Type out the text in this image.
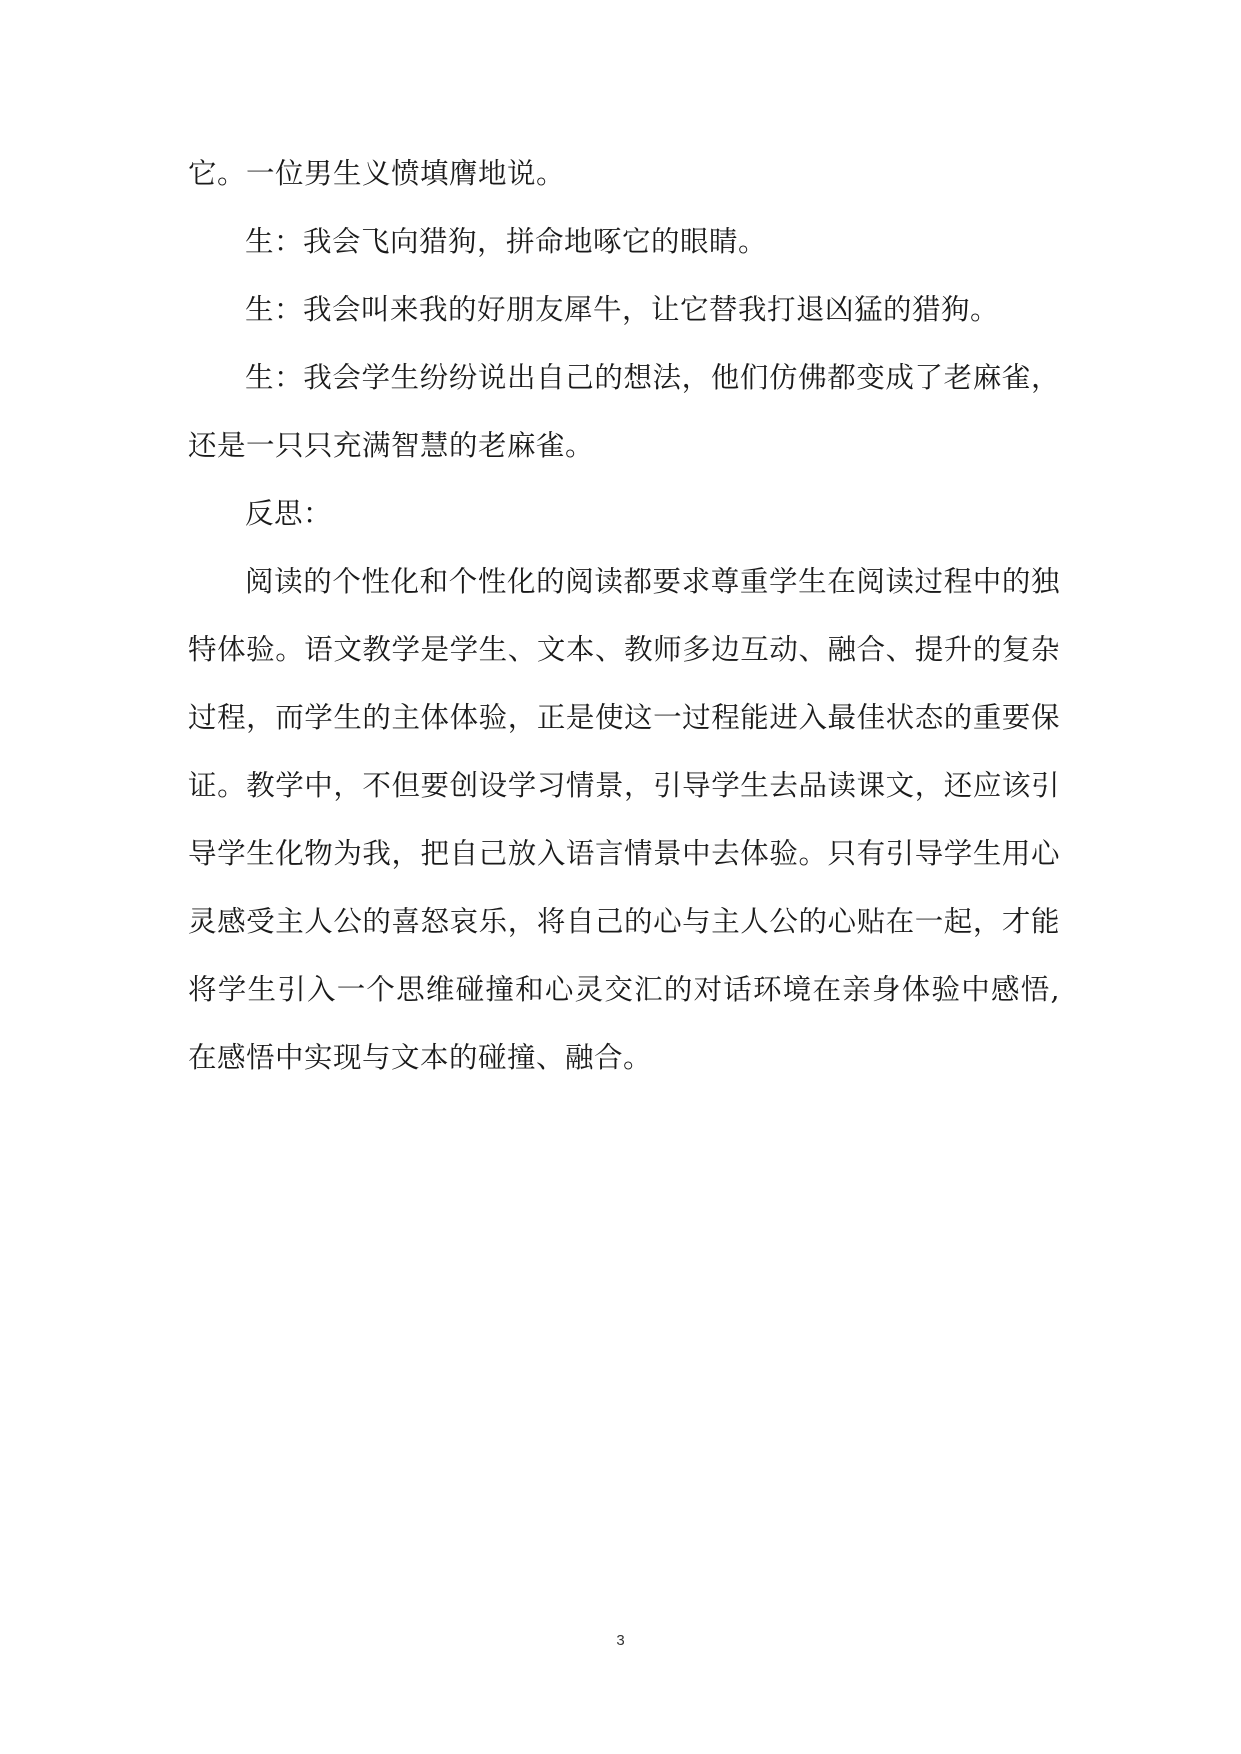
它。一位男生义愤填膺地说。

生：我会飞向猎狗，拼命地啄它的眼睛。

生：我会叫来我的好朋友犀牛，让它替我打退凶猛的猎狗。

生：我会学生纷纷说出自己的想法，他们仿佛都变成了老麻雀，还是一只只充满智慧的老麻雀。

反思：

阅读的个性化和个性化的阅读都要求尊重学生在阅读过程中的独特体验。语文教学是学生、文本、教师多边互动、融合、提升的复杂过程，而学生的主体体验，正是使这一过程能进入最佳状态的重要保证。教学中，不但要创设学习情景，引导学生去品读课文，还应该引导学生化物为我，把自己放入语言情景中去体验。只有引导学生用心灵感受主人公的喜怒哀乐，将自己的心与主人公的心贴在一起，才能将学生引入一个思维碰撞和心灵交汇的对话环境在亲身体验中感悟,在感悟中实现与文本的碰撞、融合。

3
